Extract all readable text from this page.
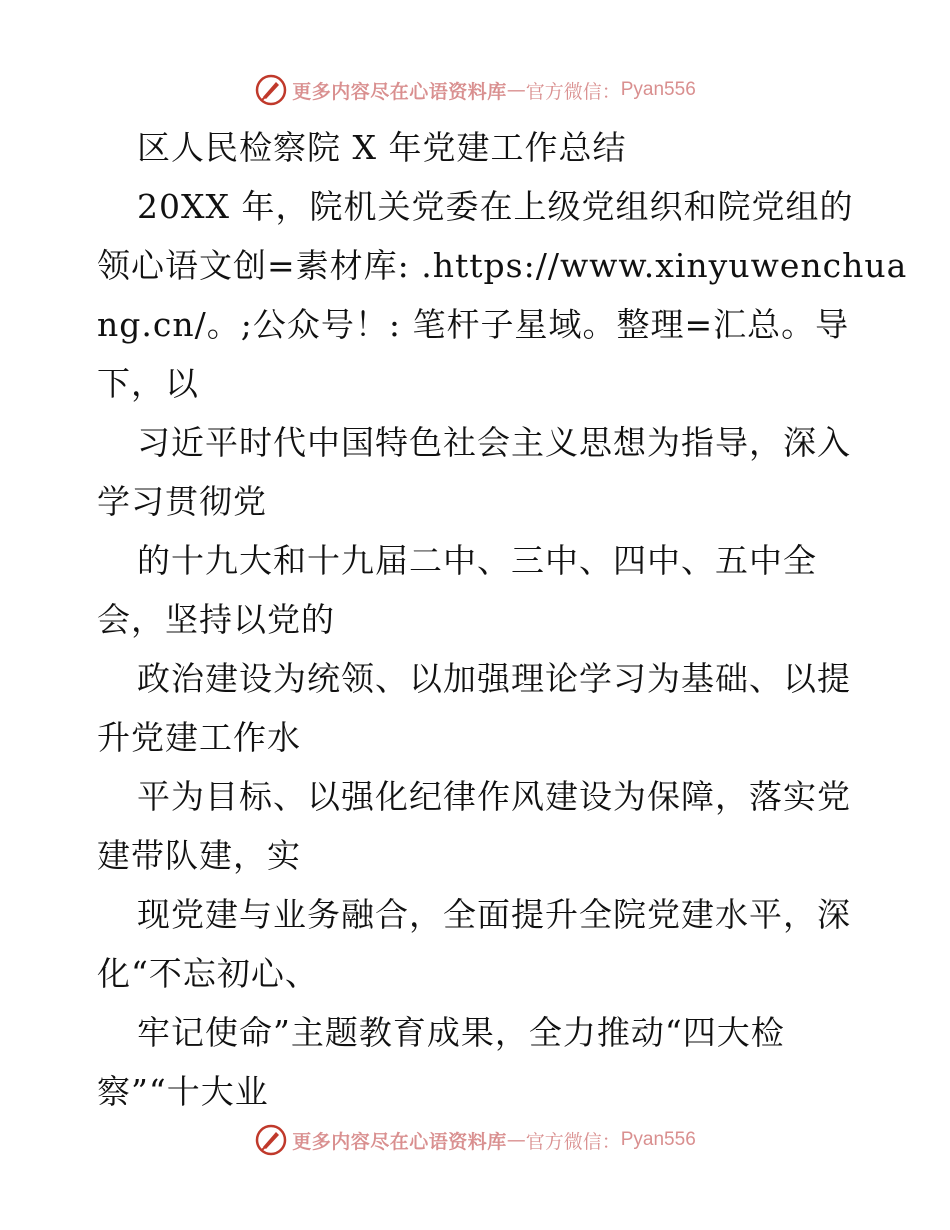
更多内容尽在心语资料库 — 官方微信： Pyan556
区人民检察院 X 年党建工作总结
20XX 年，院机关党委在上级党组织和院党组的
领心语文创=素材库: .https://www.xinyuwenchua
ng.cn/。;公众号！: 笔杆子星域。整理=汇总。导
下，以
习近平时代中国特色社会主义思想为指导，深入
学习贯彻党
的十九大和十九届二中、三中、四中、五中全
会，坚持以党的
政治建设为统领、以加强理论学习为基础、以提
升党建工作水
平为目标、以强化纪律作风建设为保障，落实党
建带队建，实
现党建与业务融合，全面提升全院党建水平，深
化“不忘初心、
牢记使命”主题教育成果，全力推动“四大检
察”“十大业
更多内容尽在心语资料库 — 官方微信： Pyan556
